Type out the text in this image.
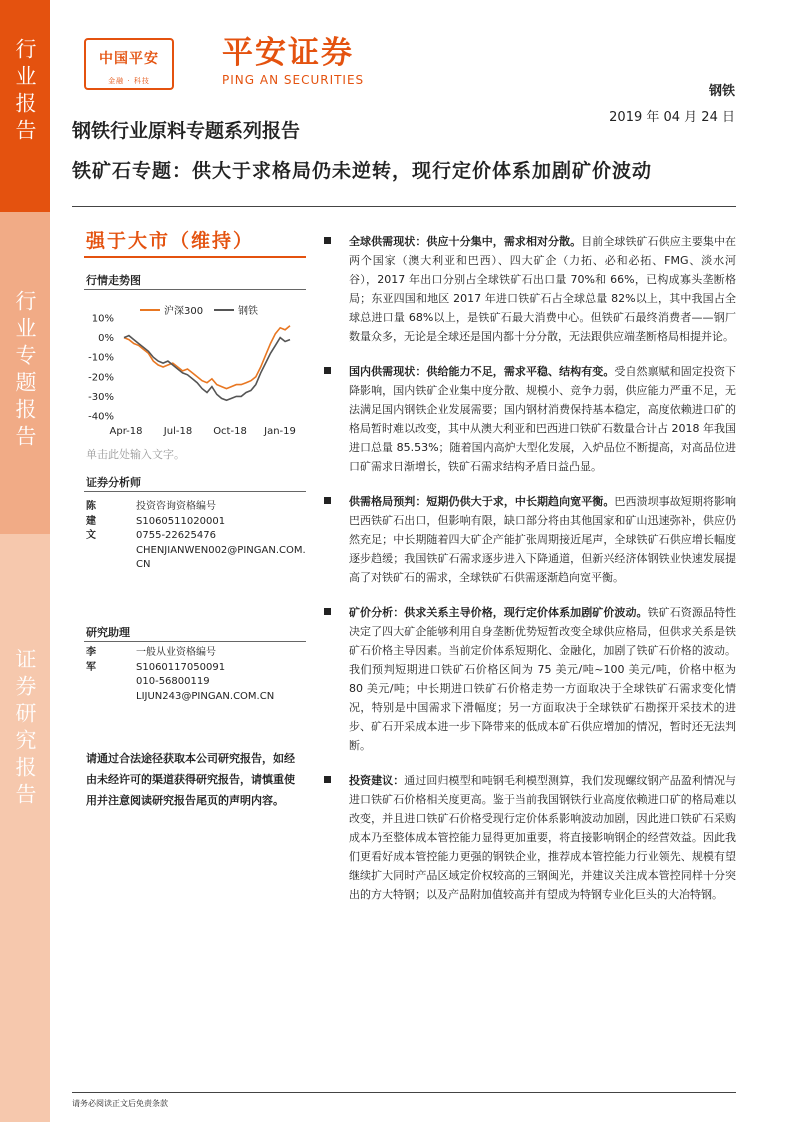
行业报告
行业专题报告
证券研究报告
中国平安
金融 · 科技
平安证券
PING AN SECURITIES
钢铁
2019 年 04 月 24 日
钢铁行业原料专题系列报告
铁矿石专题：供大于求格局仍未逆转，现行定价体系加剧矿价波动
强于大市（维持）
行情走势图
沪深300	钢铁
10%
0%
-10%
-20%
-30%
-40%
Apr-18 Jul-18 Oct-18 Jan-19
单击此处输入文字。
证券分析师
陈建文
投资咨询资格编号
S1060511020001
0755-22625476
CHENJIANWEN002@PINGAN.COM.CN
研究助理
李军
一般从业资格编号
S1060117050091
010-56800119
LIJUN243@PINGAN.COM.CN
请通过合法途径获取本公司研究报告，如经由未经许可的渠道获得研究报告，请慎重使用并注意阅读研究报告尾页的声明内容。
全球供需现状：供应十分集中，需求相对分散。目前全球铁矿石供应主要集中在两个国家（澳大利亚和巴西）、四大矿企（力拓、必和必拓、FMG、淡水河谷），2017 年出口分别占全球铁矿石出口量 70%和 66%，已构成寡头垄断格局；东亚四国和地区 2017 年进口铁矿石占全球总量 82%以上，其中我国占全球总进口量 68%以上，是铁矿石最大消费中心。但铁矿石最终消费者——钢厂数量众多，无论是全球还是国内都十分分散，无法跟供应端垄断格局相提并论。
国内供需现状：供给能力不足，需求平稳、结构有变。受自然禀赋和固定投资下降影响，国内铁矿企业集中度分散、规模小、竞争力弱，供应能力严重不足，无法满足国内钢铁企业发展需要；国内钢材消费保持基本稳定，高度依赖进口矿的格局暂时难以改变，其中从澳大利亚和巴西进口铁矿石数量合计占 2018 年我国进口总量 85.53%；随着国内高炉大型化发展，入炉品位不断提高，对高品位进口矿需求日渐增长，铁矿石需求结构矛盾日益凸显。
供需格局预判：短期仍供大于求，中长期趋向宽平衡。巴西溃坝事故短期将影响巴西铁矿石出口，但影响有限，缺口部分将由其他国家和矿山迅速弥补，供应仍然充足；中长期随着四大矿企产能扩张周期接近尾声，全球铁矿石供应增长幅度逐步趋缓；我国铁矿石需求逐步进入下降通道，但新兴经济体钢铁业快速发展提高了对铁矿石的需求，全球铁矿石供需逐渐趋向宽平衡。
矿价分析：供求关系主导价格，现行定价体系加剧矿价波动。铁矿石资源品特性决定了四大矿企能够利用自身垄断优势短暂改变全球供应格局，但供求关系是铁矿石价格主导因素。当前定价体系短期化、金融化，加剧了铁矿石价格的波动。我们预判短期进口铁矿石价格区间为 75 美元/吨~100 美元/吨，价格中枢为 80 美元/吨；中长期进口铁矿石价格走势一方面取决于全球铁矿石需求变化情况，特别是中国需求下滑幅度；另一方面取决于全球铁矿石勘探开采技术的进步、矿石开采成本进一步下降带来的低成本矿石供应增加的情况，暂时还无法判断。
投资建议：通过回归模型和吨钢毛利模型测算，我们发现螺纹钢产品盈利情况与进口铁矿石价格相关度更高。鉴于当前我国钢铁行业高度依赖进口矿的格局难以改变，并且进口铁矿石价格受现行定价体系影响波动加剧，因此进口铁矿石采购成本乃至整体成本管控能力显得更加重要，将直接影响钢企的经营效益。因此我们更看好成本管控能力更强的钢铁企业，推荐成本管控能力行业领先、规模有望继续扩大同时产品区域定价权较高的三钢闽光，并建议关注成本管控同样十分突出的方大特钢；以及产品附加值较高并有望成为特钢专业化巨头的大冶特钢。
请务必阅读正文后免责条款
